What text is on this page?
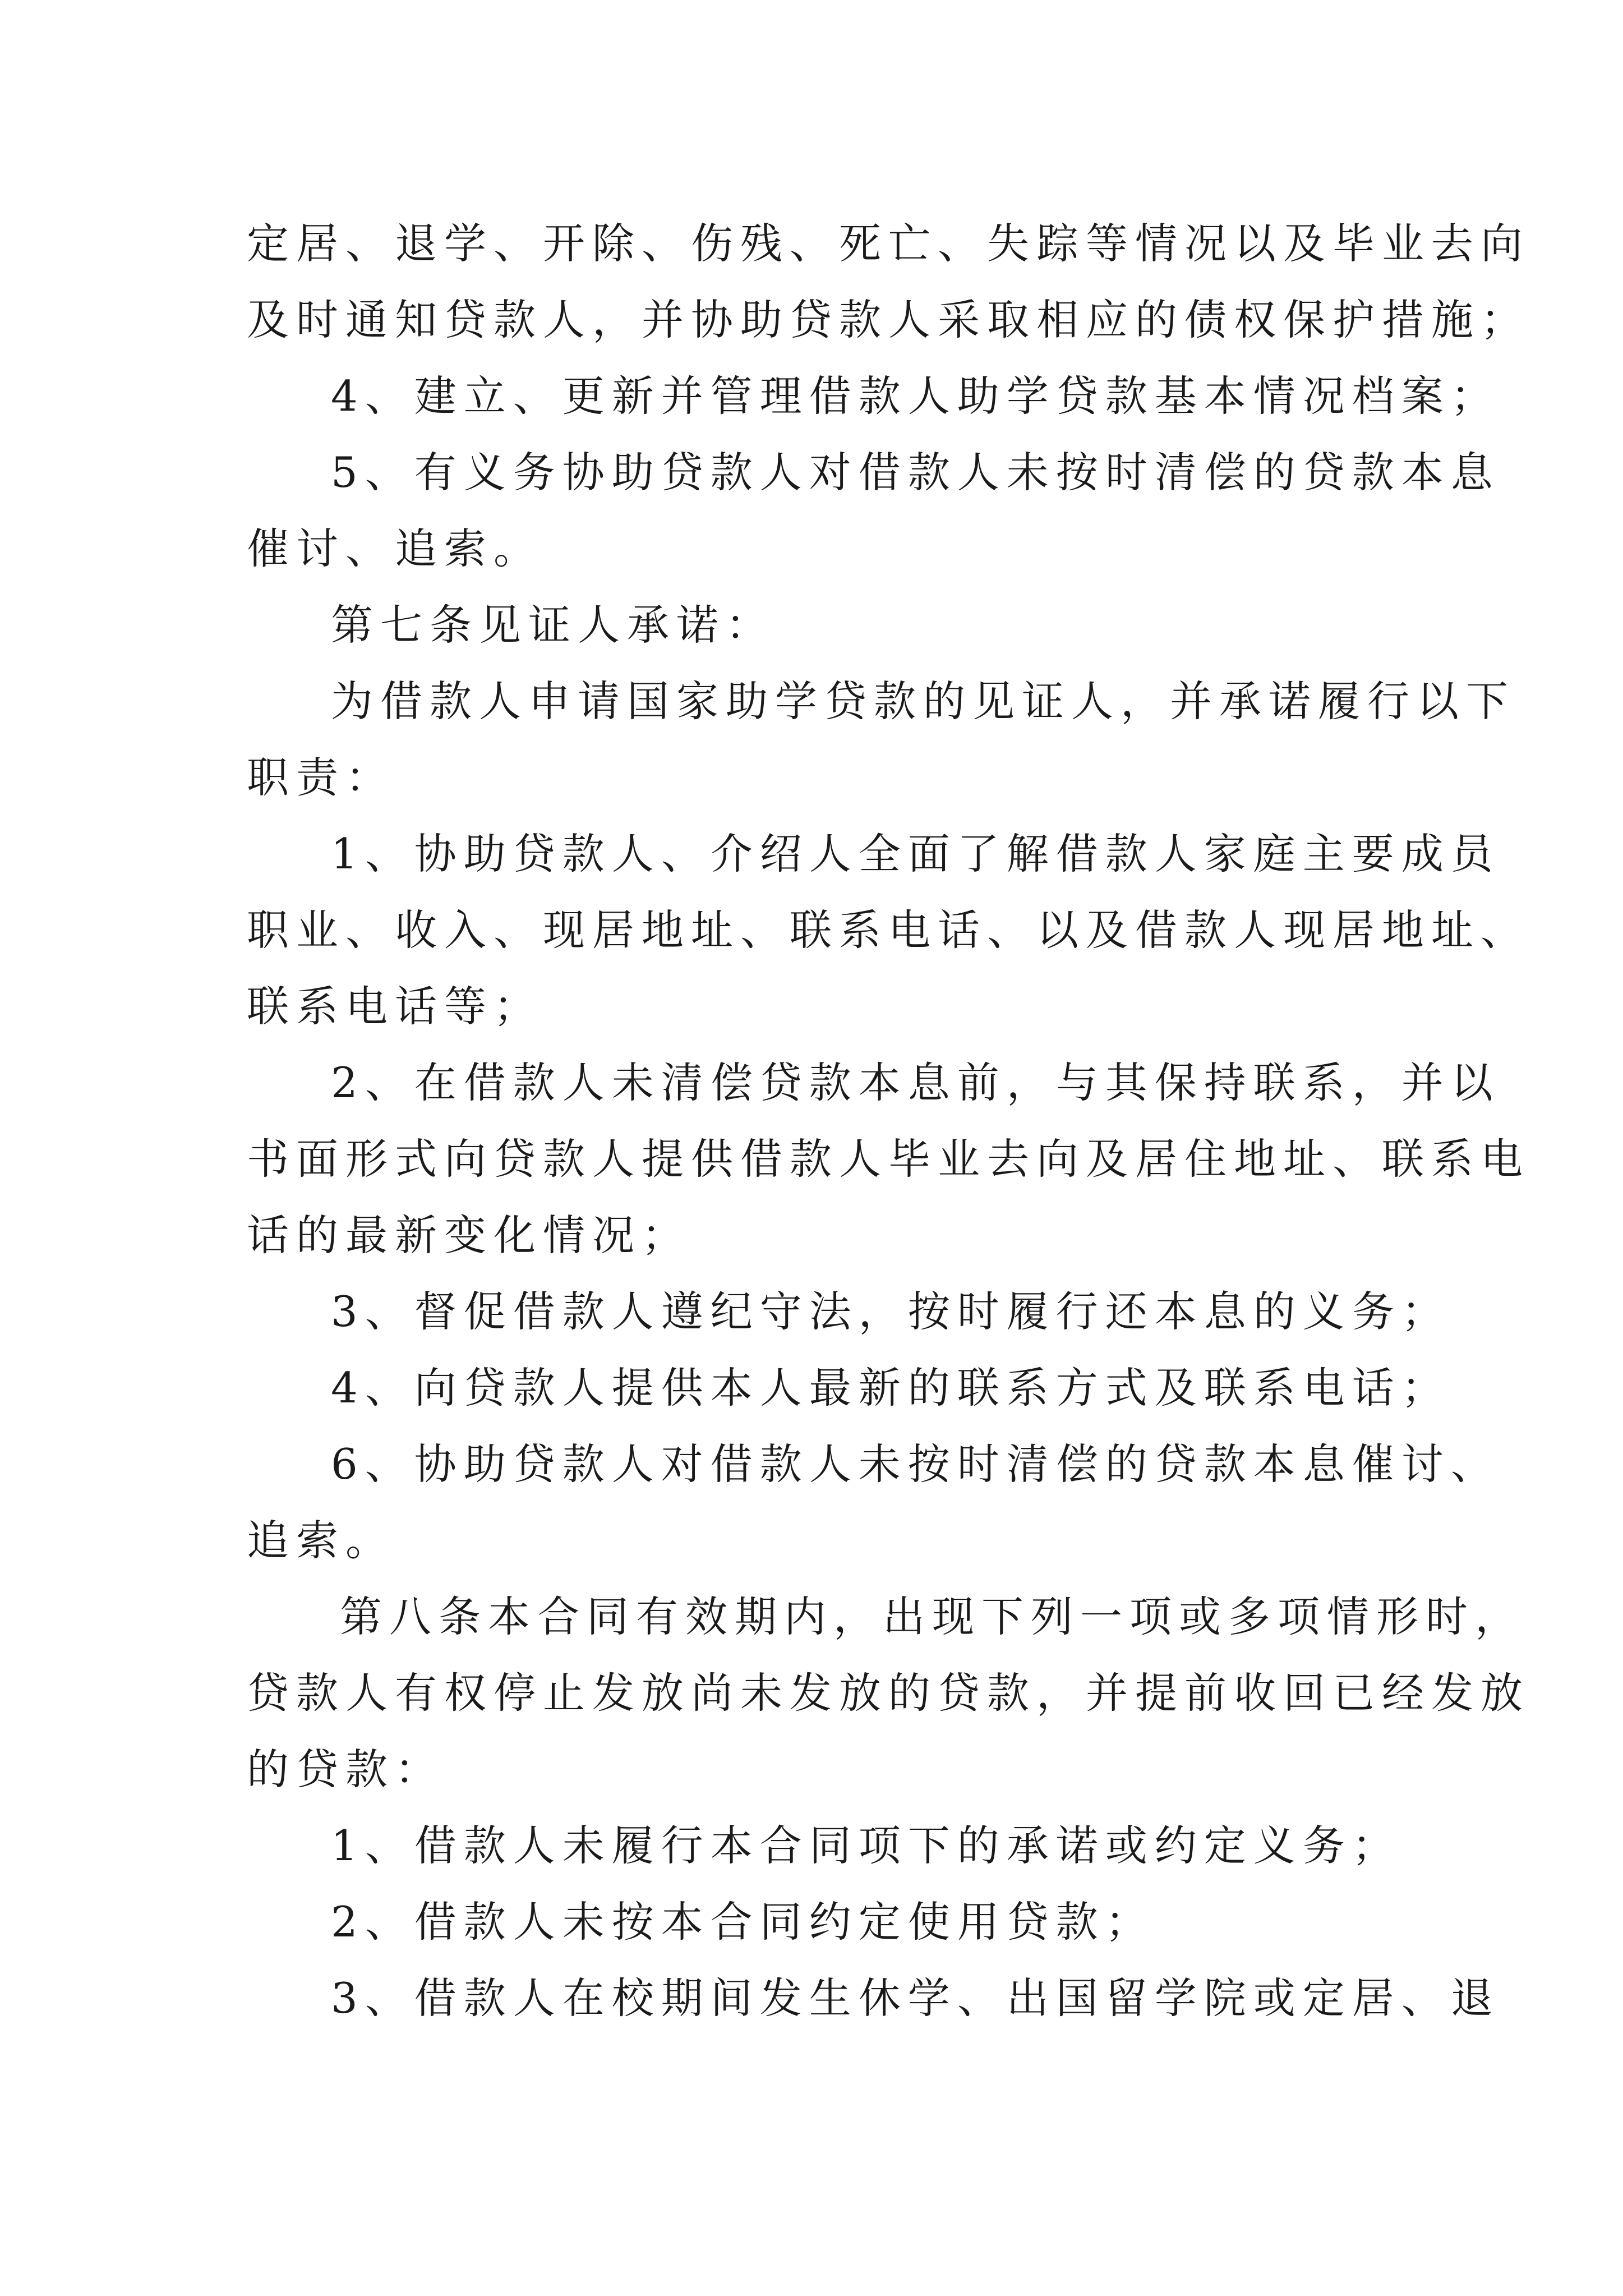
定居、退学、开除、伤残、死亡、失踪等情况以及毕业去向

及时通知贷款人，并协助贷款人采取相应的债权保护措施；

4、建立、更新并管理借款人助学贷款基本情况档案；

5、有义务协助贷款人对借款人未按时清偿的贷款本息

催讨、追索。

第七条见证人承诺：

为借款人申请国家助学贷款的见证人，并承诺履行以下

职责：

1、协助贷款人、介绍人全面了解借款人家庭主要成员

职业、收入、现居地址、联系电话、以及借款人现居地址、

联系电话等；

2、在借款人未清偿贷款本息前，与其保持联系，并以

书面形式向贷款人提供借款人毕业去向及居住地址、联系电

话的最新变化情况；

3、督促借款人遵纪守法，按时履行还本息的义务；

4、向贷款人提供本人最新的联系方式及联系电话；

6、协助贷款人对借款人未按时清偿的贷款本息催讨、

追索。

第八条本合同有效期内，出现下列一项或多项情形时，

贷款人有权停止发放尚未发放的贷款，并提前收回已经发放

的贷款：

1、借款人未履行本合同项下的承诺或约定义务；

2、借款人未按本合同约定使用贷款；

3、借款人在校期间发生休学、出国留学院或定居、退
